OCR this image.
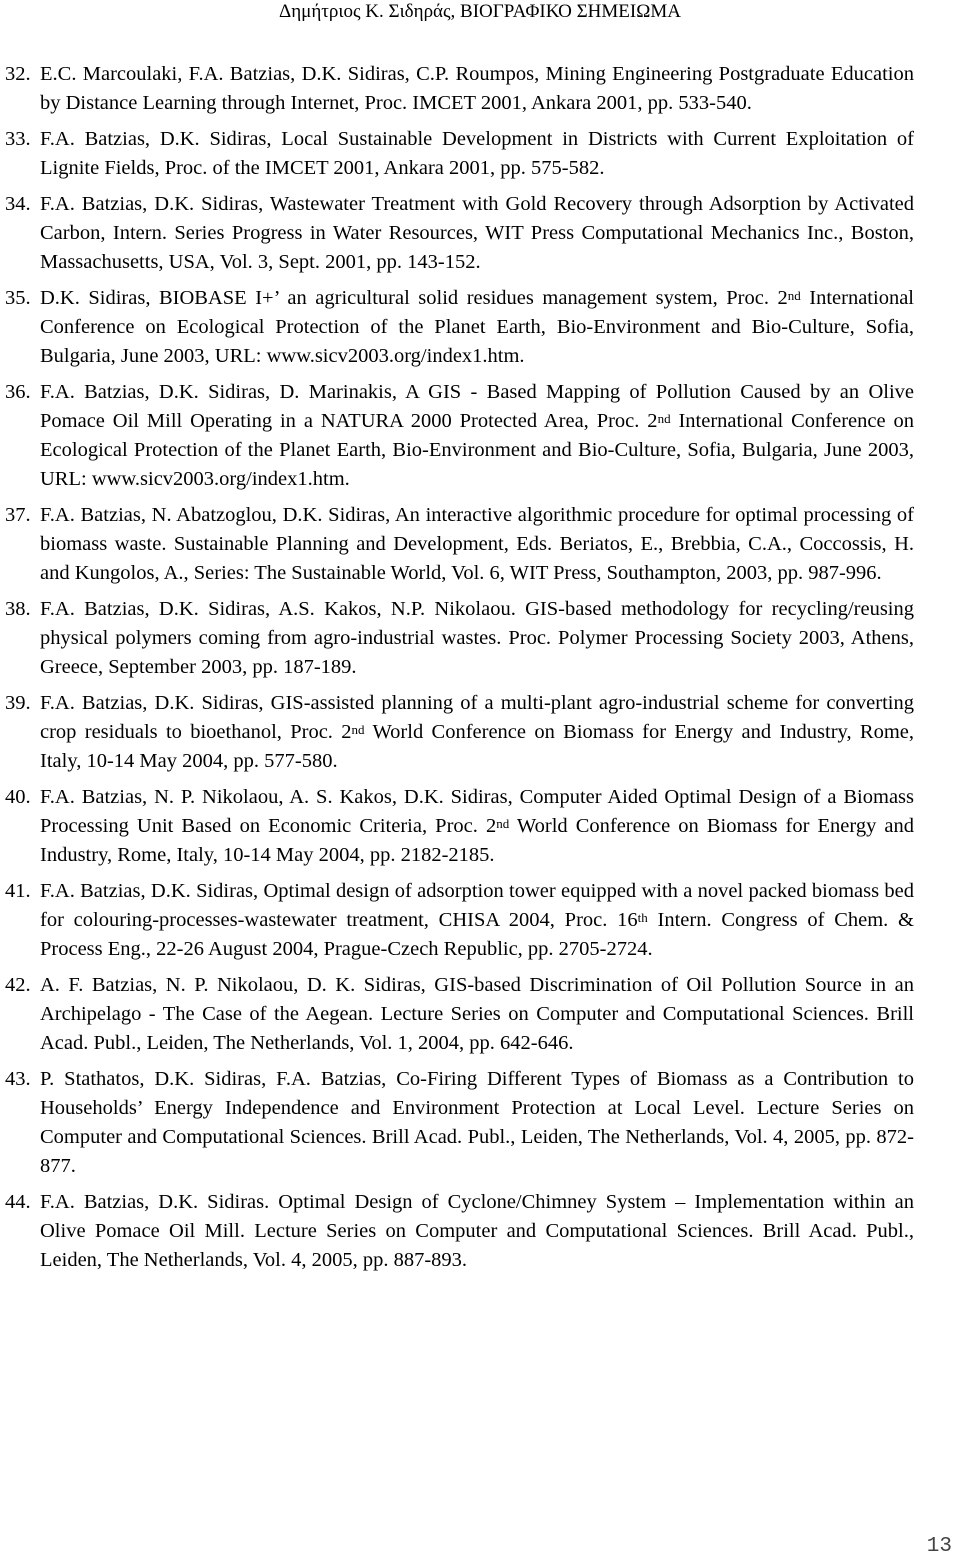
Δημήτριος Κ. Σιδηράς, ΒΙΟΓΡΑΦΙΚΟ ΣΗΜΕΙΩΜΑ
32. E.C. Marcoulaki, F.A. Batzias, D.K. Sidiras, C.P. Roumpos, Mining Engineering Postgraduate Education by Distance Learning through Internet, Proc. IMCET 2001, Ankara 2001, pp. 533-540.
33. F.A. Batzias, D.K. Sidiras, Local Sustainable Development in Districts with Current Exploitation of Lignite Fields, Proc. of the IMCET 2001, Ankara 2001, pp. 575-582.
34. F.A. Batzias, D.K. Sidiras, Wastewater Treatment with Gold Recovery through Adsorption by Activated Carbon, Intern. Series Progress in Water Resources, WIT Press Computational Mechanics Inc., Boston, Massachusetts, USA, Vol. 3, Sept. 2001, pp. 143-152.
35. D.K. Sidiras, BIOBASE I+’ an agricultural solid residues management system, Proc. 2nd International Conference on Ecological Protection of the Planet Earth, Bio-Environment and Bio-Culture, Sofia, Bulgaria, June 2003, URL: www.sicv2003.org/index1.htm.
36. F.A. Batzias, D.K. Sidiras, D. Marinakis, A GIS - Based Mapping of Pollution Caused by an Olive Pomace Oil Mill Operating in a NATURA 2000 Protected Area, Proc. 2nd International Conference on Ecological Protection of the Planet Earth, Bio-Environment and Bio-Culture, Sofia, Bulgaria, June 2003, URL: www.sicv2003.org/index1.htm.
37. F.A. Batzias, N. Abatzoglou, D.K. Sidiras, An interactive algorithmic procedure for optimal processing of biomass waste. Sustainable Planning and Development, Eds. Beriatos, E., Brebbia, C.A., Coccossis, H. and Kungolos, A., Series: The Sustainable World, Vol. 6, WIT Press, Southampton, 2003, pp. 987-996.
38. F.A. Batzias, D.K. Sidiras, A.S. Kakos, N.P. Nikolaou. GIS-based methodology for recycling/reusing physical polymers coming from agro-industrial wastes. Proc. Polymer Processing Society 2003, Athens, Greece, September 2003, pp. 187-189.
39. F.A. Batzias, D.K. Sidiras, GIS-assisted planning of a multi-plant agro-industrial scheme for converting crop residuals to bioethanol, Proc. 2nd World Conference on Biomass for Energy and Industry, Rome, Italy, 10-14 May 2004, pp. 577-580.
40. F.A. Batzias, N. P. Nikolaou, A. S. Kakos, D.K. Sidiras, Computer Aided Optimal Design of a Biomass Processing Unit Based on Economic Criteria, Proc. 2nd World Conference on Biomass for Energy and Industry, Rome, Italy, 10-14 May 2004, pp. 2182-2185.
41. F.A. Batzias, D.K. Sidiras, Optimal design of adsorption tower equipped with a novel packed biomass bed for colouring-processes-wastewater treatment, CHISA 2004, Proc. 16th Intern. Congress of Chem. & Process Eng., 22-26 August 2004, Prague-Czech Republic, pp. 2705-2724.
42. A. F. Batzias, N. P. Nikolaou, D. K. Sidiras, GIS-based Discrimination of Oil Pollution Source in an Archipelago - The Case of the Aegean. Lecture Series on Computer and Computational Sciences. Brill Acad. Publ., Leiden, The Netherlands, Vol. 1, 2004, pp. 642-646.
43. P. Stathatos, D.K. Sidiras, F.A. Batzias, Co-Firing Different Types of Biomass as a Contribution to Households’ Energy Independence and Environment Protection at Local Level. Lecture Series on Computer and Computational Sciences. Brill Acad. Publ., Leiden, The Netherlands, Vol. 4, 2005, pp. 872-877.
44. F.A. Batzias, D.K. Sidiras. Optimal Design of Cyclone/Chimney System – Implementation within an Olive Pomace Oil Mill. Lecture Series on Computer and Computational Sciences. Brill Acad. Publ., Leiden, The Netherlands, Vol. 4, 2005, pp. 887-893.
13
